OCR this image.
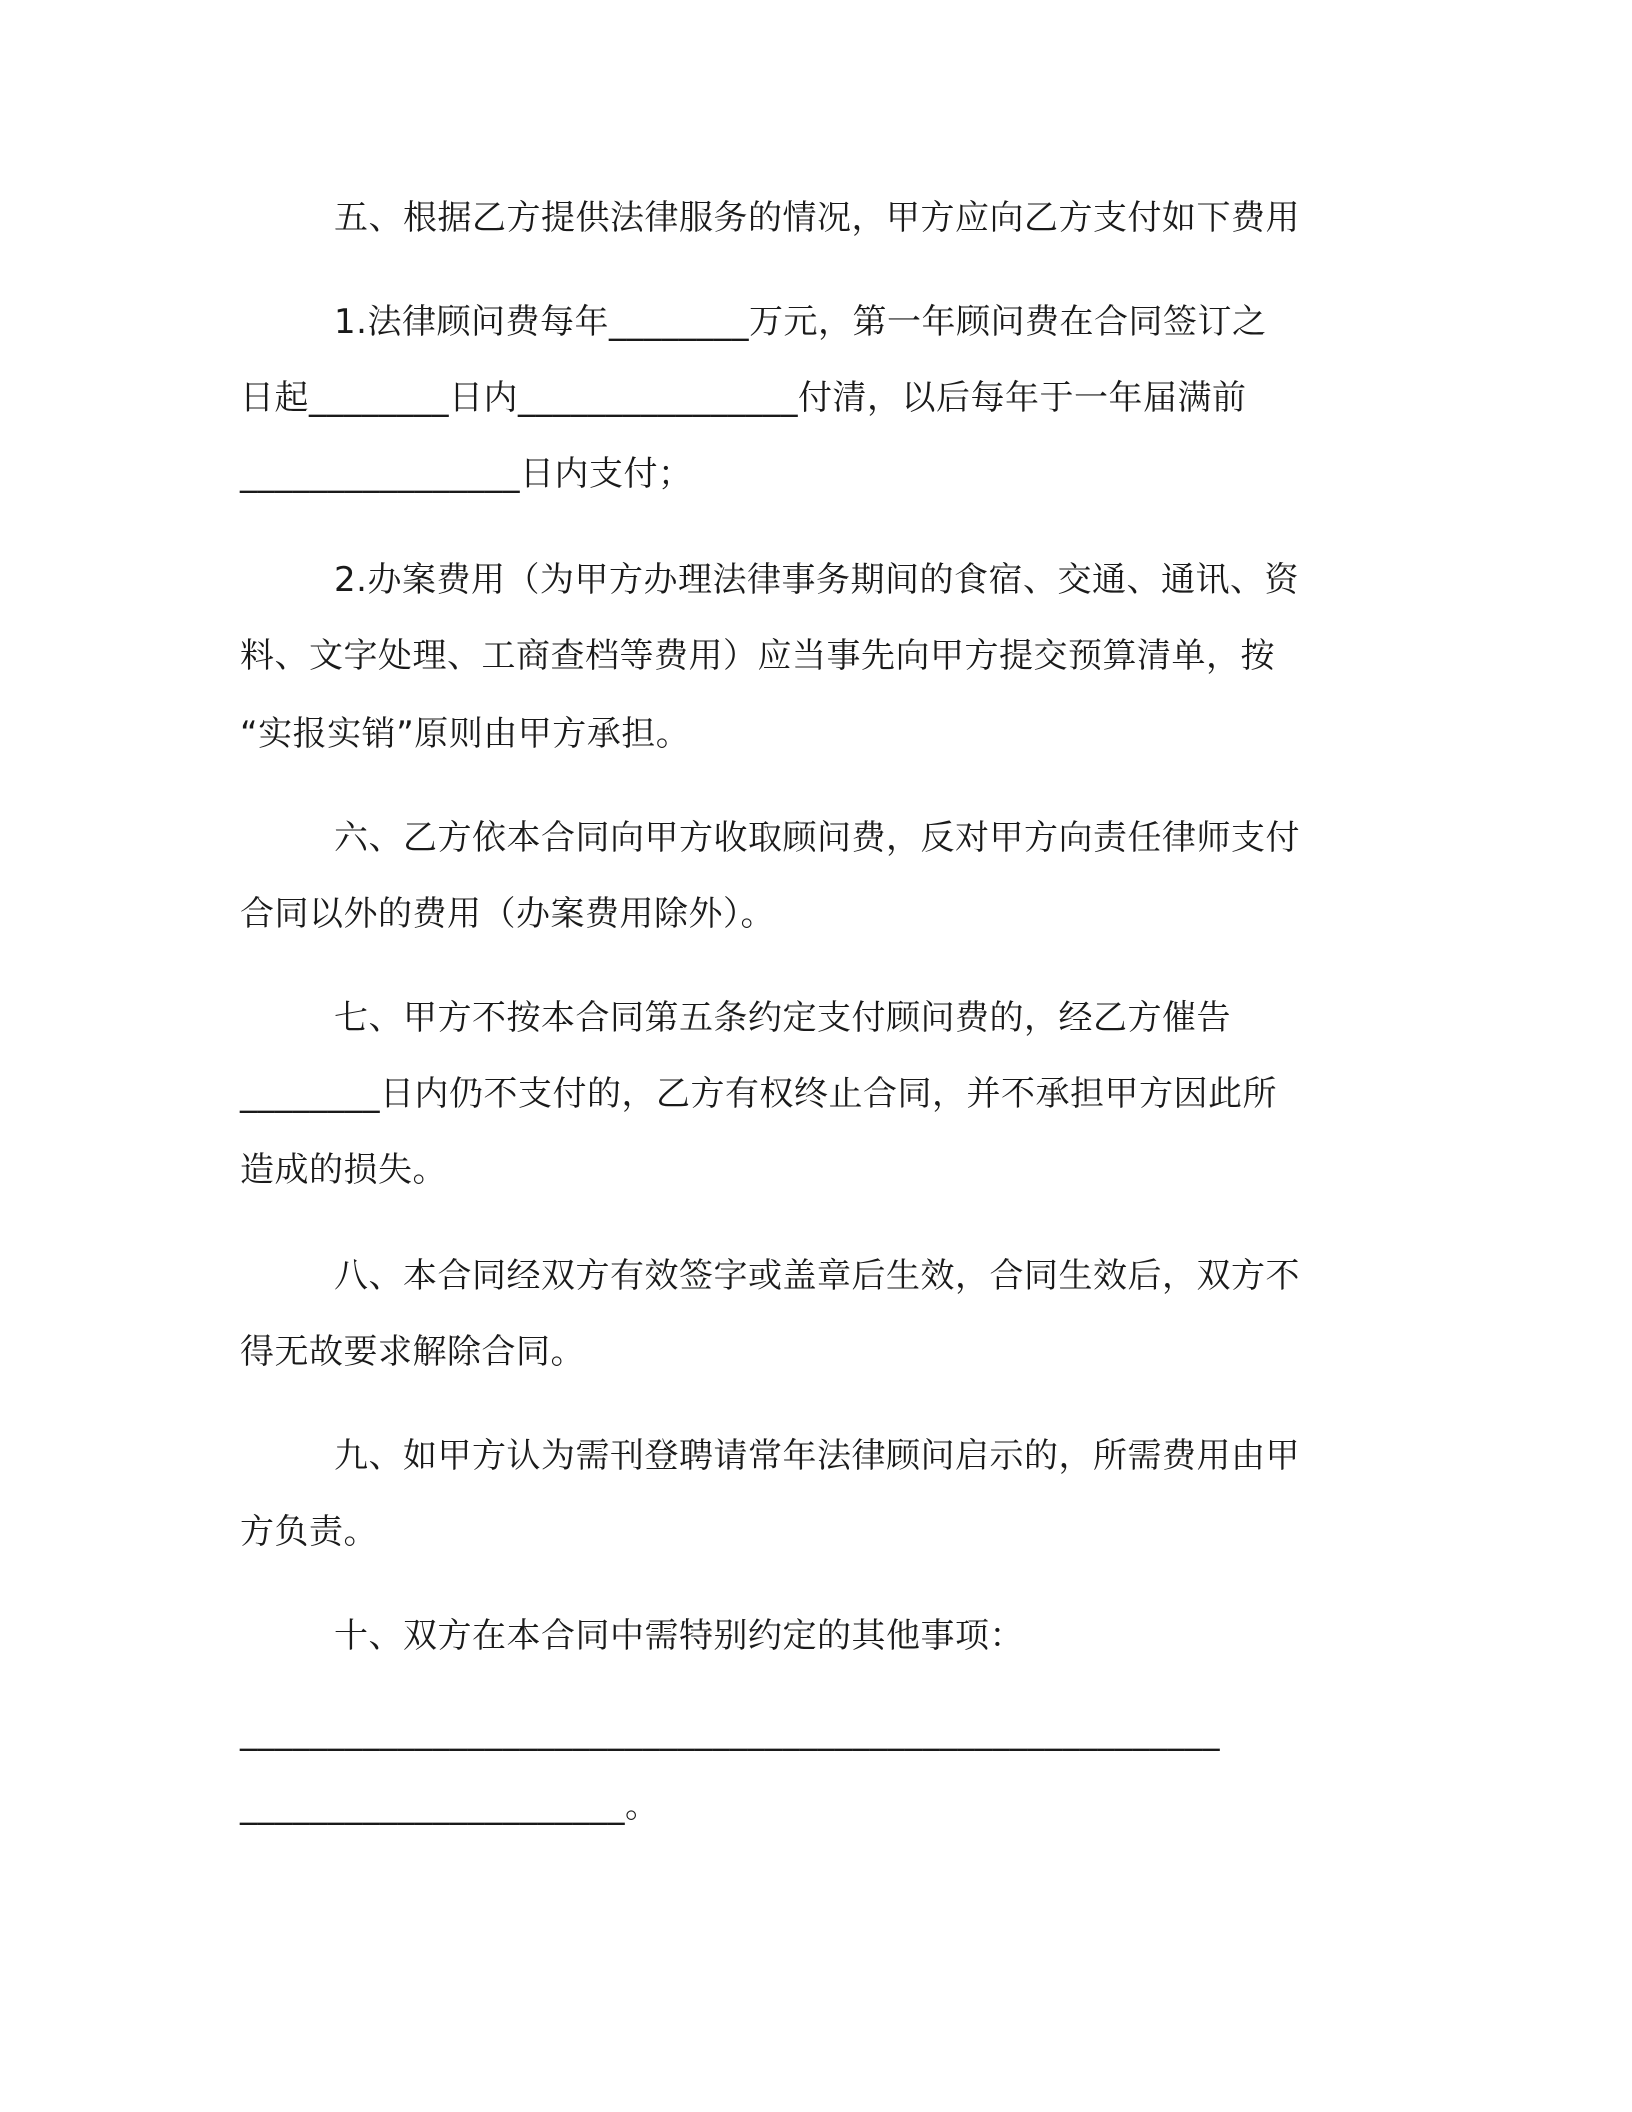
五、根据乙方提供法律服务的情况，甲方应向乙方支付如下费用

1.法律顾问费每年________万元，第一年顾问费在合同签订之

日起________日内________________付清，以后每年于一年届满前

________________日内支付；

2.办案费用（为甲方办理法律事务期间的食宿、交通、通讯、资

料、文字处理、工商查档等费用）应当事先向甲方提交预算清单，按

“实报实销”原则由甲方承担。

六、乙方依本合同向甲方收取顾问费，反对甲方向责任律师支付

合同以外的费用（办案费用除外）。

七、甲方不按本合同第五条约定支付顾问费的，经乙方催告

________日内仍不支付的，乙方有权终止合同，并不承担甲方因此所

造成的损失。

八、本合同经双方有效签字或盖章后生效，合同生效后，双方不

得无故要求解除合同。

九、如甲方认为需刊登聘请常年法律顾问启示的，所需费用由甲

方负责。

十、双方在本合同中需特别约定的其他事项：

________________________________________________________

______________________。
